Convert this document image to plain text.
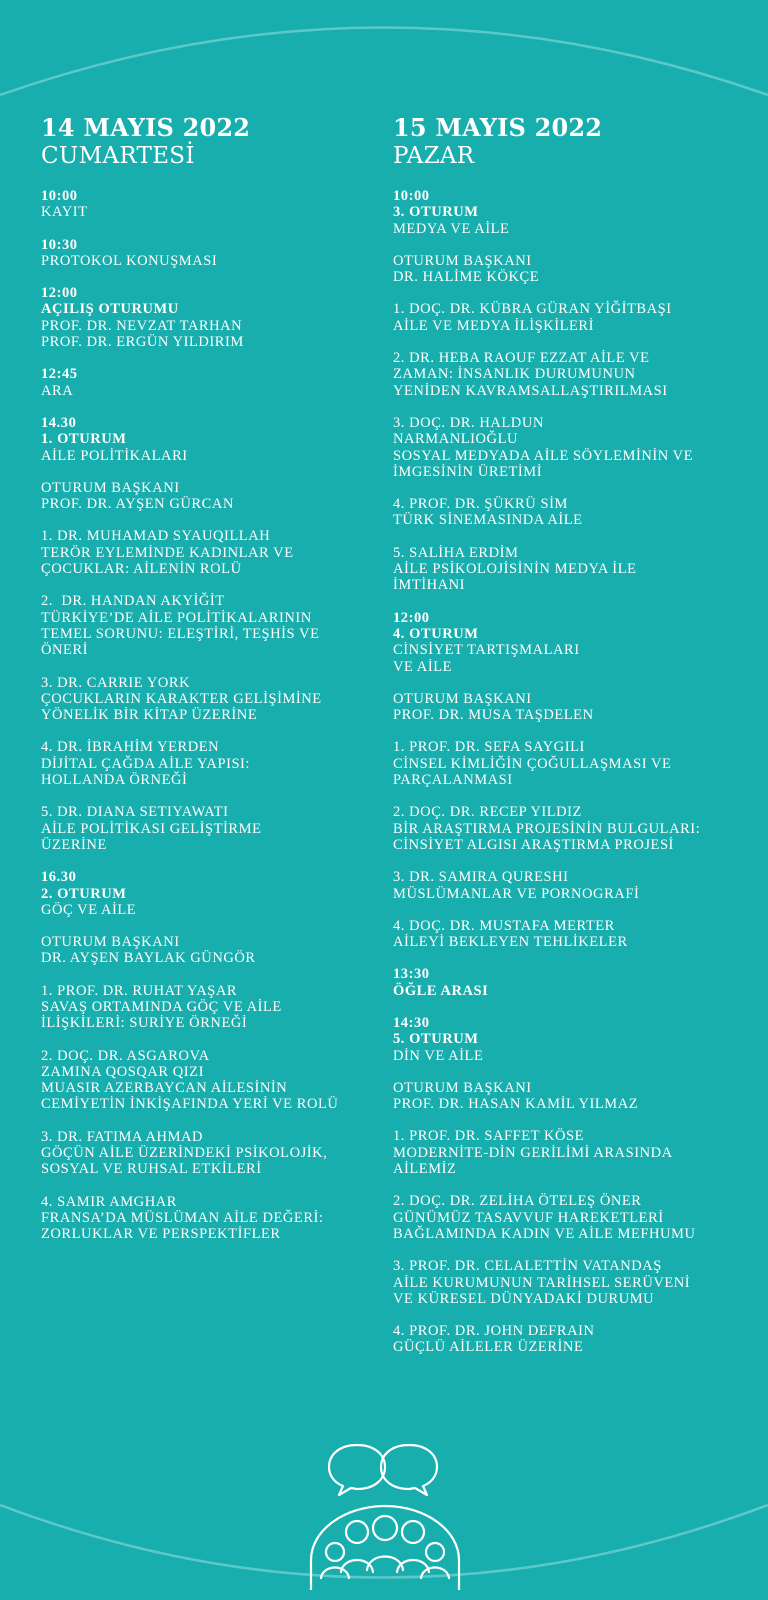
14 MAYIS 2022
CUMARTESİ
10:00
KAYIT
10:30
PROTOKOL KONUŞMASI
12:00
AÇILIŞ OTURUMU
PROF. DR. NEVZAT TARHAN
PROF. DR. ERGÜN YILDIRIM
12:45
ARA
14.30
1. OTURUM
AİLE POLİTİKALARI
OTURUM BAŞKANI
PROF. DR. AYŞEN GÜRCAN
1. DR. MUHAMAD SYAUQILLAH
TERÖR EYLEMİNDE KADINLAR VE
ÇOCUKLAR: AİLENİN ROLÜ
2.  DR. HANDAN AKYİĞİT
TÜRKİYE’DE AİLE POLİTİKALARININ
TEMEL SORUNU: ELEŞTİRİ, TEŞHİS VE
ÖNERİ
3. DR. CARRIE YORK
ÇOCUKLARIN KARAKTER GELİŞİMİNE
YÖNELİK BİR KİTAP ÜZERİNE
4. DR. İBRAHİM YERDEN
DİJİTAL ÇAĞDA AİLE YAPISI:
HOLLANDA ÖRNEĞİ
5. DR. DIANA SETIYAWATI
AİLE POLİTİKASI GELİŞTİRME
ÜZERİNE
16.30
2. OTURUM
GÖÇ VE AİLE
OTURUM BAŞKANI
DR. AYŞEN BAYLAK GÜNGÖR
1. PROF. DR. RUHAT YAŞAR
SAVAŞ ORTAMINDA GÖÇ VE AİLE
İLİŞKİLERİ: SURİYE ÖRNEĞİ
2. DOÇ. DR. ASGAROVA
ZAMINA QOSQAR QIZI
MUASIR AZERBAYCAN AİLESİNİN
CEMİYETİN İNKİŞAFINDA YERİ VE ROLÜ
3. DR. FATIMA AHMAD
GÖÇÜN AİLE ÜZERİNDEKİ PSİKOLOJİK,
SOSYAL VE RUHSAL ETKİLERİ
4. SAMIR AMGHAR
FRANSA’DA MÜSLÜMAN AİLE DEĞERİ:
ZORLUKLAR VE PERSPEKTİFLER
15 MAYIS 2022
PAZAR
10:00
3. OTURUM
MEDYA VE AİLE
OTURUM BAŞKANI
DR. HALİME KÖKÇE
1. DOÇ. DR. KÜBRA GÜRAN YİĞİTBAŞI
AİLE VE MEDYA İLİŞKİLERİ
2. DR. HEBA RAOUF EZZAT AİLE VE
ZAMAN: İNSANLIK DURUMUNUN
YENİDEN KAVRAMSALLAŞTIRILMASI
3. DOÇ. DR. HALDUN
NARMANLIOĞLU
SOSYAL MEDYADA AİLE SÖYLEMİNİN VE
İMGESİNİN ÜRETİMİ
4. PROF. DR. ŞÜKRÜ SİM
TÜRK SİNEMASINDA AİLE
5. SALİHA ERDİM
AİLE PSİKOLOJİSİNİN MEDYA İLE
İMTİHANI
12:00
4. OTURUM
CİNSİYET TARTIŞMALARI
VE AİLE
OTURUM BAŞKANI
PROF. DR. MUSA TAŞDELEN
1. PROF. DR. SEFA SAYGILI
CİNSEL KİMLİĞİN ÇOĞULLAŞMASI VE
PARÇALANMASI
2. DOÇ. DR. RECEP YILDIZ
BİR ARAŞTIRMA PROJESİNİN BULGULARI:
CİNSİYET ALGISI ARAŞTIRMA PROJESİ
3. DR. SAMIRA QURESHI
MÜSLÜMANLAR VE PORNOGRAFİ
4. DOÇ. DR. MUSTAFA MERTER
AİLEYİ BEKLEYEN TEHLİKELER
13:30
ÖĞLE ARASI
14:30
5. OTURUM
DİN VE AİLE
OTURUM BAŞKANI
PROF. DR. HASAN KAMİL YILMAZ
1. PROF. DR. SAFFET KÖSE
MODERNİTE-DİN GERİLİMİ ARASINDA
AİLEMİZ
2. DOÇ. DR. ZELİHA ÖTELEŞ ÖNER
GÜNÜMÜZ TASAVVUF HAREKETLERİ
BAĞLAMINDA KADIN VE AİLE MEFHUMU
3. PROF. DR. CELALETTİN VATANDAŞ
AİLE KURUMUNUN TARİHSEL SERÜVENİ
VE KÜRESEL DÜNYADAKİ DURUMU
4. PROF. DR. JOHN DEFRAIN
GÜÇLÜ AİLELER ÜZERİNE
